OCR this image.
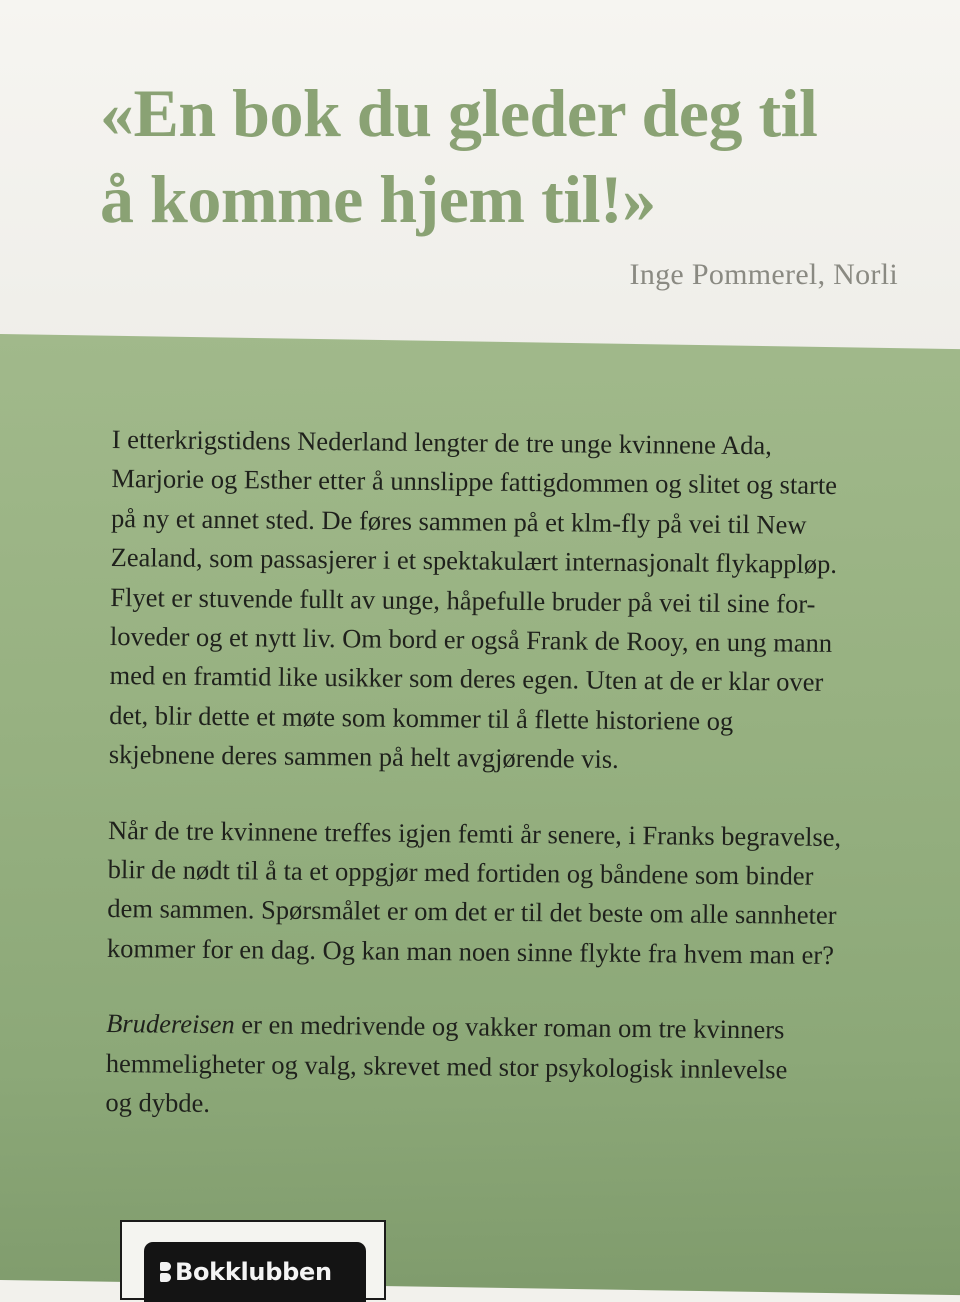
«En bok du gleder deg til
å komme hjem til!»
Inge Pommerel, Norli

I etterkrigstidens Nederland lengter de tre unge kvinnene Ada,
Marjorie og Esther etter å unnslippe fattigdommen og slitet og starte
på ny et annet sted. De føres sammen på et klm-fly på vei til New
Zealand, som passasjerer i et spektakulært internasjonalt flykappløp.
Flyet er stuvende fullt av unge, håpefulle bruder på vei til sine for-
loveder og et nytt liv. Om bord er også Frank de Rooy, en ung mann
med en framtid like usikker som deres egen. Uten at de er klar over
det, blir dette et møte som kommer til å flette historiene og
skjebnene deres sammen på helt avgjørende vis.

Når de tre kvinnene treffes igjen femti år senere, i Franks begravelse,
blir de nødt til å ta et oppgjør med fortiden og båndene som binder
dem sammen. Spørsmålet er om det er til det beste om alle sannheter
kommer for en dag. Og kan man noen sinne flykte fra hvem man er?

Brudereisen er en medrivende og vakker roman om tre kvinners
hemmeligheter og valg, skrevet med stor psykologisk innlevelse
og dybde.

Bokklubben
